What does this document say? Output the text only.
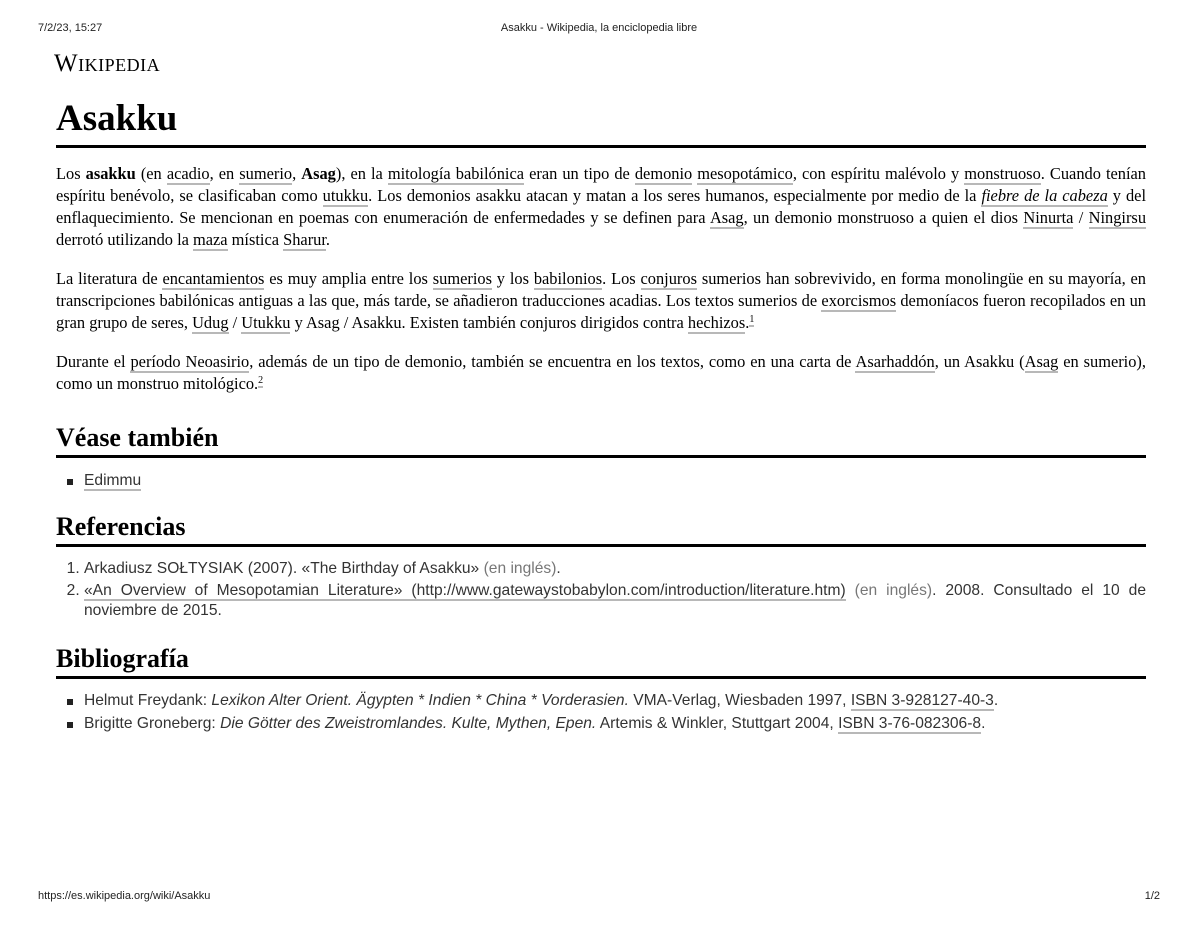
7/2/23, 15:27	Asakku - Wikipedia, la enciclopedia libre
Wikipedia
Asakku

Los asakku (en acadio, en sumerio, Asag), en la mitología babilónica eran un tipo de demonio mesopotámico, con espíritu malévolo y monstruoso. Cuando tenían espíritu benévolo, se clasificaban como utukku. Los demonios asakku atacan y matan a los seres humanos, especialmente por medio de la fiebre de la cabeza y del enflaquecimiento. Se mencionan en poemas con enumeración de enfermedades y se definen para Asag, un demonio monstruoso a quien el dios Ninurta / Ningirsu derrotó utilizando la maza mística Sharur.

La literatura de encantamientos es muy amplia entre los sumerios y los babilonios. Los conjuros sumerios han sobrevivido, en forma monolingüe en su mayoría, en transcripciones babilónicas antiguas a las que, más tarde, se añadieron traducciones acadias. Los textos sumerios de exorcismos demoníacos fueron recopilados en un gran grupo de seres, Udug / Utukku y Asag / Asakku. Existen también conjuros dirigidos contra hechizos.$^1$

Durante el período Neoasirio, además de un tipo de demonio, también se encuentra en los textos, como en una carta de Asarhaddón, un Asakku (Asag en sumerio), como un monstruo mitológico.$^2$

Véase también
Edimmu
Referencias
1. Arkadiusz SOŁTYSIAK (2007). «The Birthday of Asakku» (en inglés).
2. «An Overview of Mesopotamian Literature» (http://www.gatewaystobabylon.com/introduction/literature.htm) (en inglés). 2008. Consultado el 10 de noviembre de 2015.
Bibliografía
Helmut Freydank: Lexikon Alter Orient. Ägypten * Indien * China * Vorderasien. VMA-Verlag, Wiesbaden 1997, ISBN 3-928127-40-3.
Brigitte Groneberg: Die Götter des Zweistromlandes. Kulte, Mythen, Epen. Artemis & Winkler, Stuttgart 2004, ISBN 3-76-082306-8.
https://es.wikipedia.org/wiki/Asakku	1/2
